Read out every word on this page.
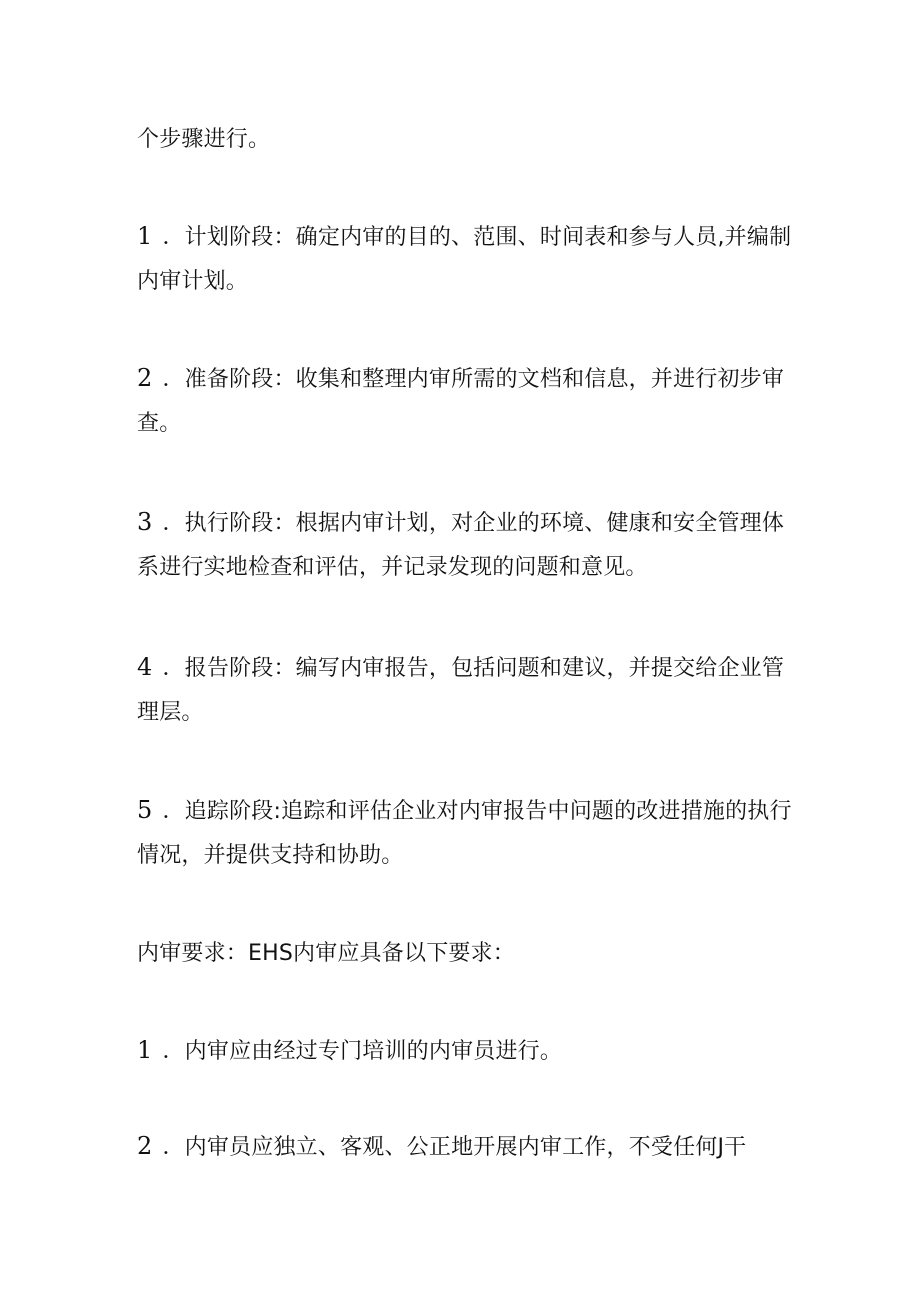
个步骤进行。

1 ．计划阶段：确定内审的目的、范围、时间表和参与人员,并编制内审计划。

2 ．准备阶段：收集和整理内审所需的文档和信息，并进行初步审查。

3 ．执行阶段：根据内审计划，对企业的环境、健康和安全管理体系进行实地检查和评估，并记录发现的问题和意见。

4 ．报告阶段：编写内审报告，包括问题和建议，并提交给企业管理层。

5 ．追踪阶段:追踪和评估企业对内审报告中问题的改进措施的执行情况，并提供支持和协助。

内审要求：EHS内审应具备以下要求：

1 ．内审应由经过专门培训的内审员进行。

2 ．内审员应独立、客观、公正地开展内审工作，不受任何J干
